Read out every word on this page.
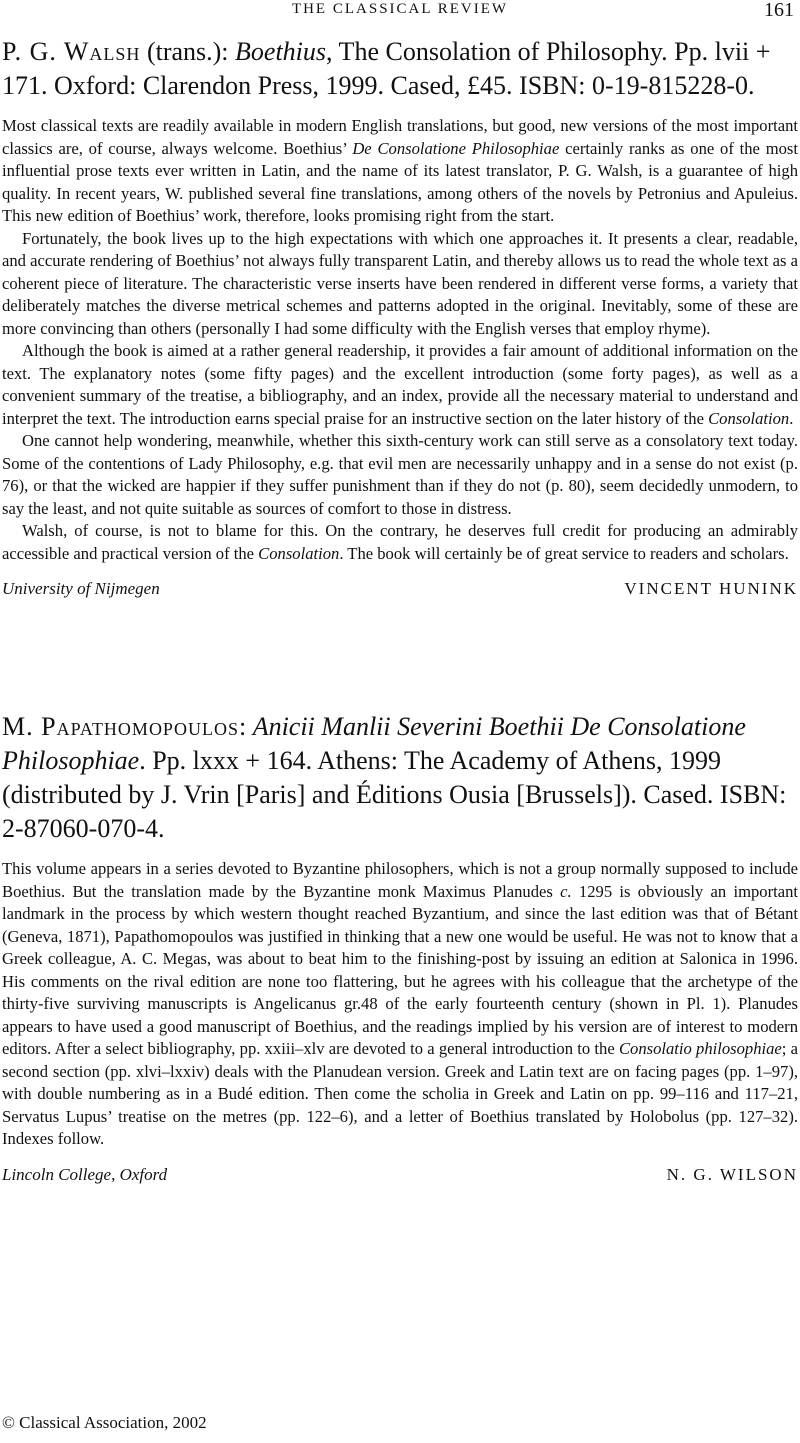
THE CLASSICAL REVIEW	161
P. G. Walsh (trans.): Boethius, The Consolation of Philosophy. Pp. lvii + 171. Oxford: Clarendon Press, 1999. Cased, £45. ISBN: 0-19-815228-0.

Most classical texts are readily available in modern English translations, but good, new versions of the most important classics are, of course, always welcome. Boethius’ De Consolatione Philosophiae certainly ranks as one of the most influential prose texts ever written in Latin, and the name of its latest translator, P. G. Walsh, is a guarantee of high quality. In recent years, W. published several fine translations, among others of the novels by Petronius and Apuleius. This new edition of Boethius’ work, therefore, looks promising right from the start.

Fortunately, the book lives up to the high expectations with which one approaches it. It presents a clear, readable, and accurate rendering of Boethius’ not always fully transparent Latin, and thereby allows us to read the whole text as a coherent piece of literature. The characteristic verse inserts have been rendered in different verse forms, a variety that deliberately matches the diverse metrical schemes and patterns adopted in the original. Inevitably, some of these are more convincing than others (personally I had some difficulty with the English verses that employ rhyme).

Although the book is aimed at a rather general readership, it provides a fair amount of additional information on the text. The explanatory notes (some fifty pages) and the excellent introduction (some forty pages), as well as a convenient summary of the treatise, a bibliography, and an index, provide all the necessary material to understand and interpret the text. The introduction earns special praise for an instructive section on the later history of the Consolation.

One cannot help wondering, meanwhile, whether this sixth-century work can still serve as a consolatory text today. Some of the contentions of Lady Philosophy, e.g. that evil men are necessarily unhappy and in a sense do not exist (p. 76), or that the wicked are happier if they suffer punishment than if they do not (p. 80), seem decidedly unmodern, to say the least, and not quite suitable as sources of comfort to those in distress.

Walsh, of course, is not to blame for this. On the contrary, he deserves full credit for producing an admirably accessible and practical version of the Consolation. The book will certainly be of great service to readers and scholars.

University of Nijmegen	VINCENT HUNINK
M. Papathomopoulos: Anicii Manlii Severini Boethii De Consolatione Philosophiae. Pp. lxxx + 164. Athens: The Academy of Athens, 1999 (distributed by J. Vrin [Paris] and Éditions Ousia [Brussels]). Cased. ISBN: 2-87060-070-4.

This volume appears in a series devoted to Byzantine philosophers, which is not a group normally supposed to include Boethius. But the translation made by the Byzantine monk Maximus Planudes c. 1295 is obviously an important landmark in the process by which western thought reached Byzantium, and since the last edition was that of Bétant (Geneva, 1871), Papathomopoulos was justified in thinking that a new one would be useful. He was not to know that a Greek colleague, A. C. Megas, was about to beat him to the finishing-post by issuing an edition at Salonica in 1996. His comments on the rival edition are none too flattering, but he agrees with his colleague that the archetype of the thirty-five surviving manuscripts is Angelicanus gr.48 of the early fourteenth century (shown in Pl. 1). Planudes appears to have used a good manuscript of Boethius, and the readings implied by his version are of interest to modern editors. After a select bibliography, pp. xxiii–xlv are devoted to a general introduction to the Consolatio philosophiae; a second section (pp. xlvi–lxxiv) deals with the Planudean version. Greek and Latin text are on facing pages (pp. 1–97), with double numbering as in a Budé edition. Then come the scholia in Greek and Latin on pp. 99–116 and 117–21, Servatus Lupus’ treatise on the metres (pp. 122–6), and a letter of Boethius translated by Holobolus (pp. 127–32). Indexes follow.

Lincoln College, Oxford	N. G. WILSON
© Classical Association, 2002
